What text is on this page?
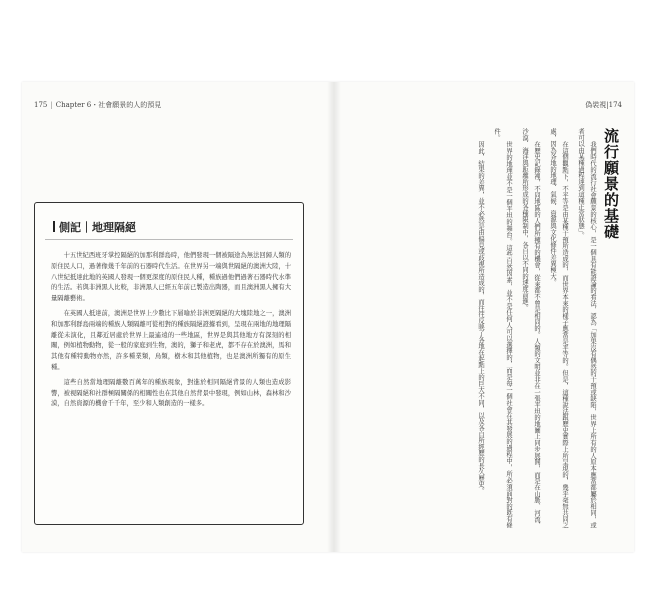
175 | Chapter 6・社會願景的人的預見
側記｜地理隔絕

十五世紀西班牙掌控隔絕的加那利群島時，他們發現一個被隔途為無法回歸人類的原住民人口，過著像幾千年前的石器時代生活。在世界另一端與世隔絕的澳洲大陸，十八世紀抵達此地的英國人發現一個更深度的原住民人種，種族過他們過著石器時代水準的生活。若與非洲黑人比較，非洲黑人已經五年前已製造出陶器，而且澳洲黑人擁有大量隔離藝術。

在英國人抵達前，澳洲是世界上少數比下層喻於非洲更隔絕的大塊陸地之一，澳洲和加那利群島兩端的種族人類隔離可從相對的種族隔絕證據看到，呈現在兩地的地理隔離從未演化，且鄰近居處於世界上最遙遠的一些地區，世界是與其他地方有深刻的相關，例如植物動物，從一般的家庭到生物，澳的，獅子和老虎，都不存在於澳洲，馬和其他有種特動物亦然，許多種業類，鳥類，樹木和其他植物，也足澳洲所獨有的原生種。

這些自然當地理隔離數百萬年的種族現象，對進於相同隔絕背景的人類也造成影響，被視隔絕和社群極隔關係的相關性也在其他自然背景中發現，例如山林，森林和沙漠，自然資源的機會千千年，至少和人類創造的一樣多。

偽裝視|174
流行願景的基礎

我們時代的流行社會願景的核心，是一個具有能證論的看法，認為「加果沒有偶然的干預或缺陷，世界上所有的人原本應當都屬於相同，或者可以由某種過程達到這種正常狀態」。

在這個觀點下，不平等是由某種干預所造成的，而世界本來的樣子應當是平等的。但是，這種說法跟歷史實際上所呈現的，幾乎毫無共同之處，因為各地的地理、氣候、資源與文化條件差異極大。

在歷史記錄裡，不同地區的人們所擁有的機會，從來都不曾是相同的。人類的文明並非在一張平坦的地圖上同步展開，而是在山脈、河流、沙漠、海洋與距離所形成的各種限制中，各自以不同的速度前進。

世界的地理並不是一個平坦的舞台。這些自然因素，並不是任何人可以選擇的，而是每一個社會在其發展的過程中，所必須面對的既有條件。

因此，結果的差異，並不必然是由偏見或歧視所造成的，而往往反映了各地在起點上的巨大不同，以及各自所經歷的長久歷史。
